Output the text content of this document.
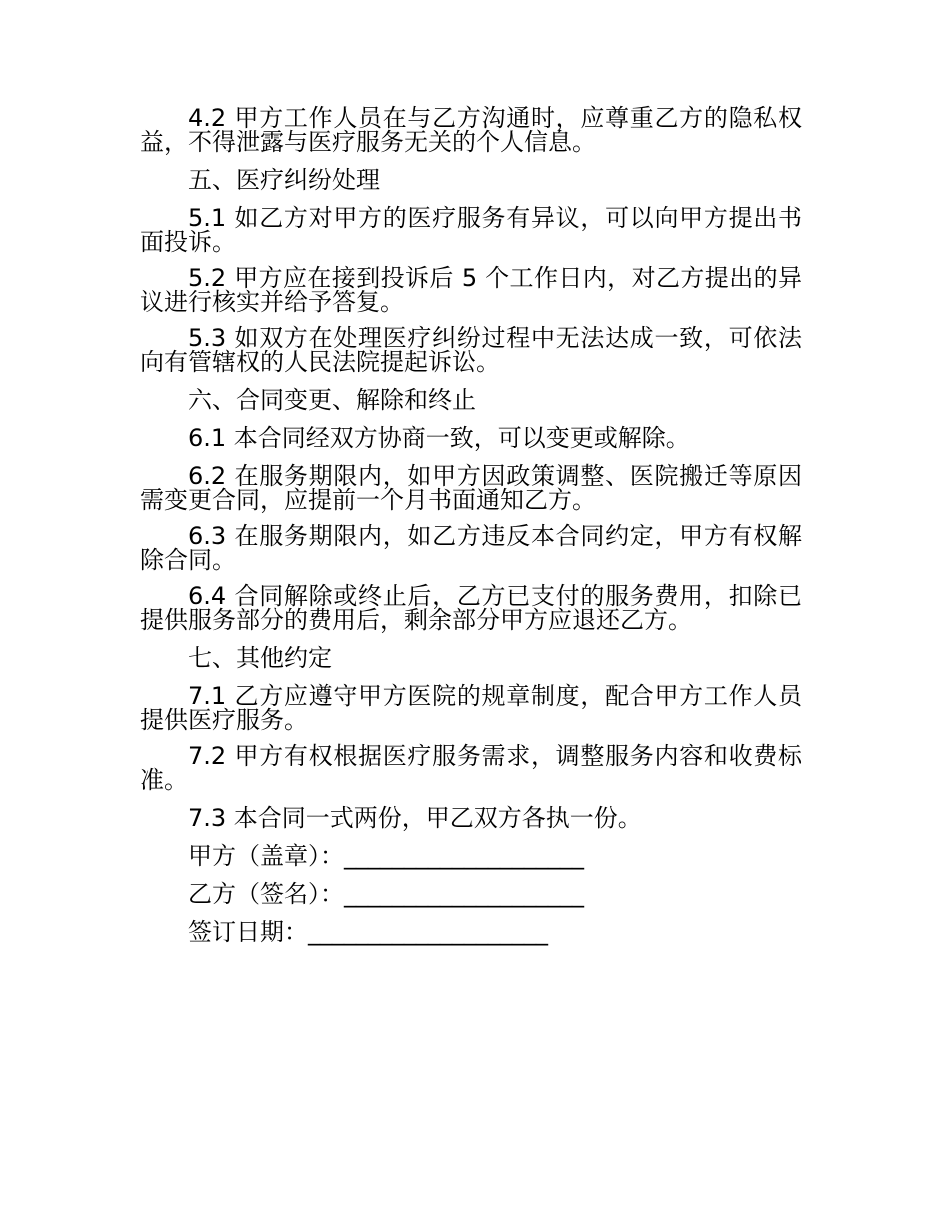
4.2 甲方工作人员在与乙方沟通时，应尊重乙方的隐私权益，不得泄露与医疗服务无关的个人信息。

五、医疗纠纷处理

5.1 如乙方对甲方的医疗服务有异议，可以向甲方提出书面投诉。

5.2 甲方应在接到投诉后 5 个工作日内，对乙方提出的异议进行核实并给予答复。

5.3 如双方在处理医疗纠纷过程中无法达成一致，可依法向有管辖权的人民法院提起诉讼。

六、合同变更、解除和终止

6.1 本合同经双方协商一致，可以变更或解除。

6.2 在服务期限内，如甲方因政策调整、医院搬迁等原因需变更合同，应提前一个月书面通知乙方。

6.3 在服务期限内，如乙方违反本合同约定，甲方有权解除合同。

6.4 合同解除或终止后，乙方已支付的服务费用，扣除已提供服务部分的费用后，剩余部分甲方应退还乙方。

七、其他约定

7.1 乙方应遵守甲方医院的规章制度，配合甲方工作人员提供医疗服务。

7.2 甲方有权根据医疗服务需求，调整服务内容和收费标准。

7.3 本合同一式两份，甲乙双方各执一份。

甲方（盖章）：____________________

乙方（签名）：____________________

签订日期：____________________
